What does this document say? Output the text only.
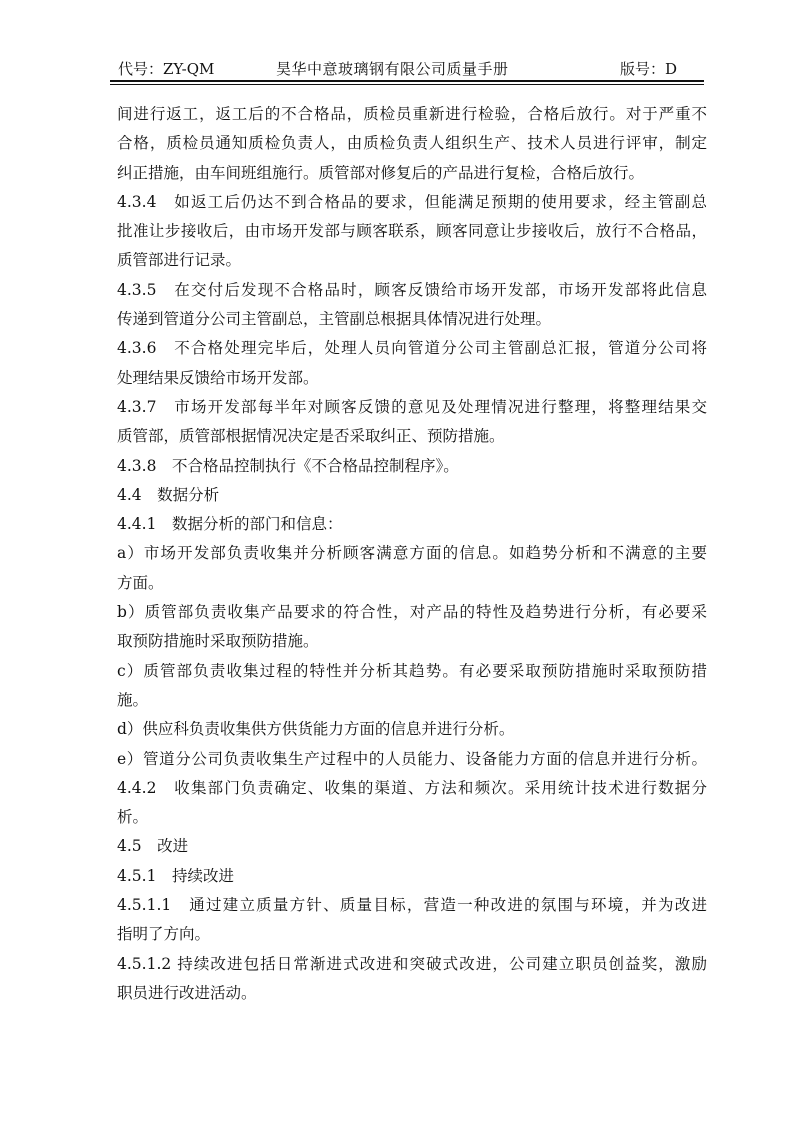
代号：ZY-QM	昊华中意玻璃钢有限公司质量手册	版号：D
间进行返工，返工后的不合格品，质检员重新进行检验，合格后放行。对于严重不
合格，质检员通知质检负责人，由质检负责人组织生产、技术人员进行评审，制定
纠正措施，由车间班组施行。质管部对修复后的产品进行复检，合格后放行。
4.3.4　如返工后仍达不到合格品的要求，但能满足预期的使用要求，经主管副总
批准让步接收后，由市场开发部与顾客联系，顾客同意让步接收后，放行不合格品，
质管部进行记录。
4.3.5　在交付后发现不合格品时，顾客反馈给市场开发部，市场开发部将此信息
传递到管道分公司主管副总，主管副总根据具体情况进行处理。
4.3.6　不合格处理完毕后，处理人员向管道分公司主管副总汇报，管道分公司将
处理结果反馈给市场开发部。
4.3.7　市场开发部每半年对顾客反馈的意见及处理情况进行整理，将整理结果交
质管部，质管部根据情况决定是否采取纠正、预防措施。
4.3.8　不合格品控制执行《不合格品控制程序》。
4.4　数据分析
4.4.1　数据分析的部门和信息：
a）市场开发部负责收集并分析顾客满意方面的信息。如趋势分析和不满意的主要
方面。
b）质管部负责收集产品要求的符合性，对产品的特性及趋势进行分析，有必要采
取预防措施时采取预防措施。
c）质管部负责收集过程的特性并分析其趋势。有必要采取预防措施时采取预防措
施。
d）供应科负责收集供方供货能力方面的信息并进行分析。
e）管道分公司负责收集生产过程中的人员能力、设备能力方面的信息并进行分析。
4.4.2　收集部门负责确定、收集的渠道、方法和频次。采用统计技术进行数据分
析。
4.5　改进
4.5.1　持续改进
4.5.1.1　通过建立质量方针、质量目标，营造一种改进的氛围与环境，并为改进
指明了方向。
4.5.1.2 持续改进包括日常渐进式改进和突破式改进，公司建立职员创益奖，激励
职员进行改进活动。
